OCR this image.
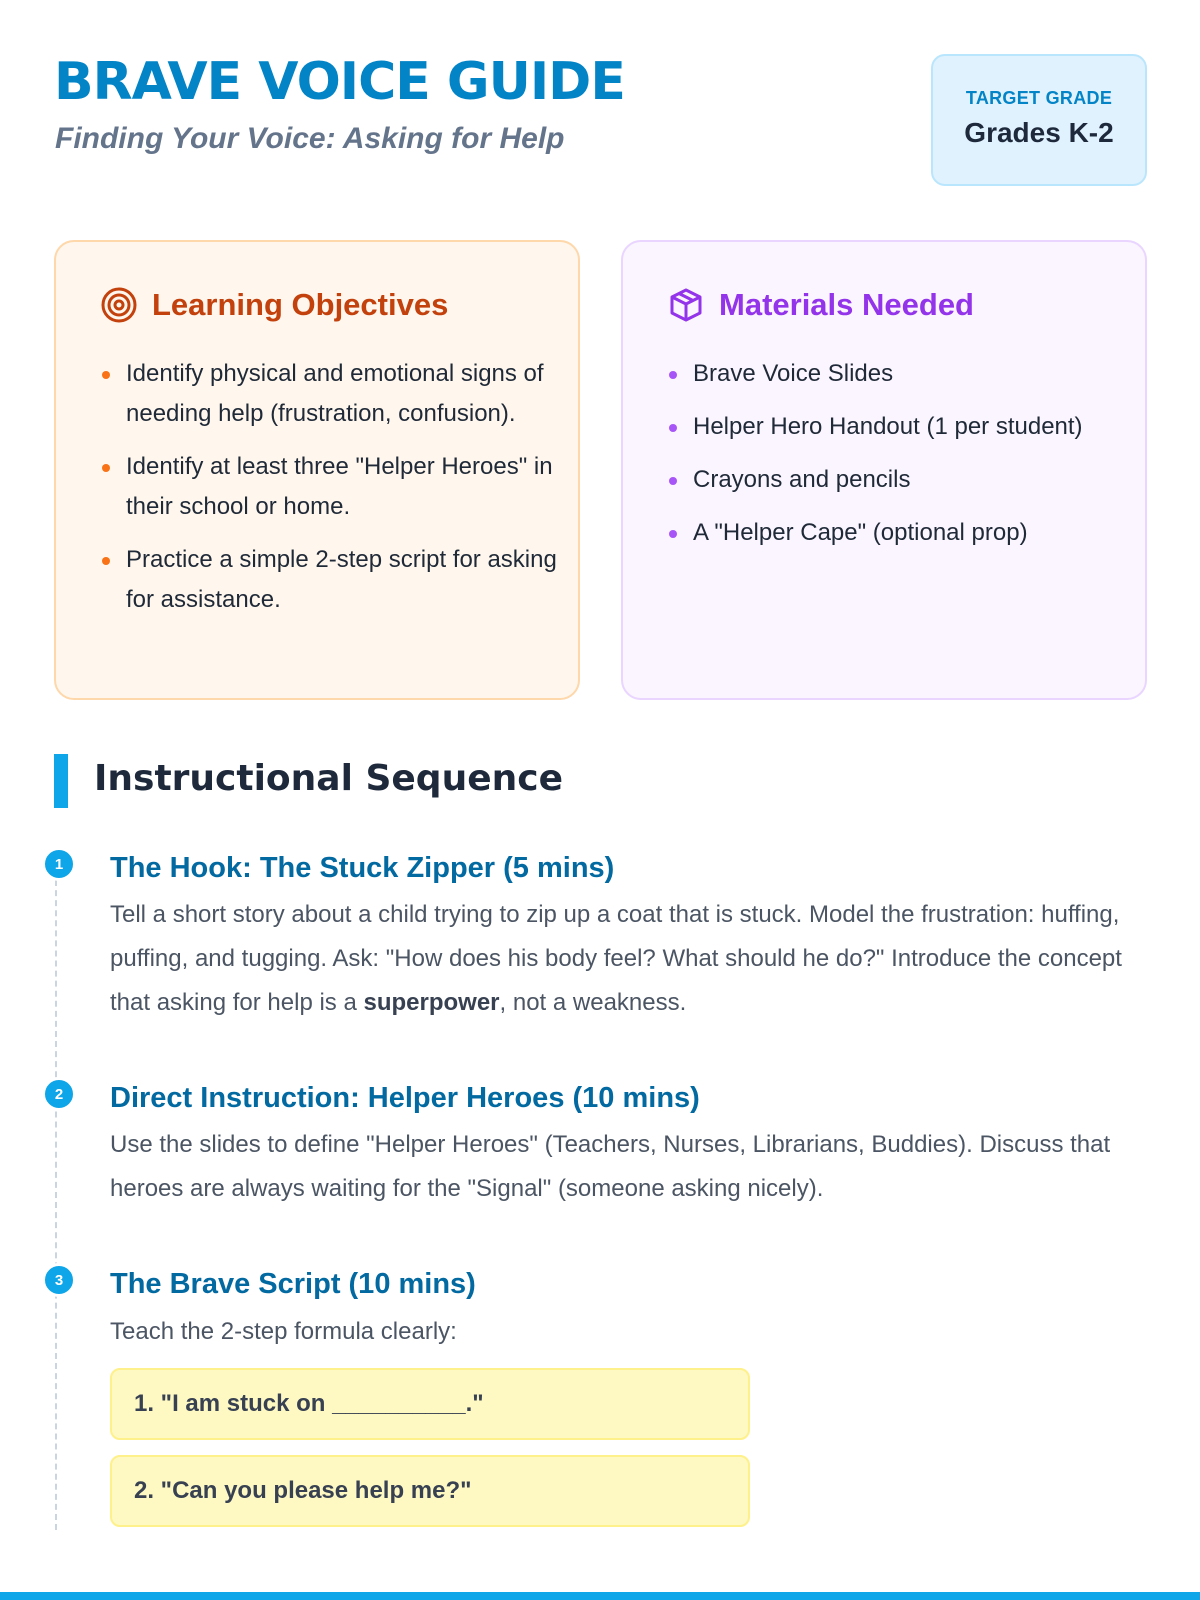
BRAVE VOICE GUIDE
Finding Your Voice: Asking for Help
TARGET GRADE
Grades K-2
Learning Objectives
Identify physical and emotional signs of needing help (frustration, confusion).
Identify at least three "Helper Heroes" in their school or home.
Practice a simple 2-step script for asking for assistance.
Materials Needed
Brave Voice Slides
Helper Hero Handout (1 per student)
Crayons and pencils
A "Helper Cape" (optional prop)
Instructional Sequence
1	The Hook: The Stuck Zipper (5 mins)

Tell a short story about a child trying to zip up a coat that is stuck. Model the frustration: huffing, puffing, and tugging. Ask: "How does his body feel? What should he do?" Introduce the concept that asking for help is a superpower, not a weakness.

2	Direct Instruction: Helper Heroes (10 mins)

Use the slides to define "Helper Heroes" (Teachers, Nurses, Librarians, Buddies). Discuss that heroes are always waiting for the "Signal" (someone asking nicely).

3	The Brave Script (10 mins)

Teach the 2-step formula clearly:

1. "I am stuck on __________."
2. "Can you please help me?"
